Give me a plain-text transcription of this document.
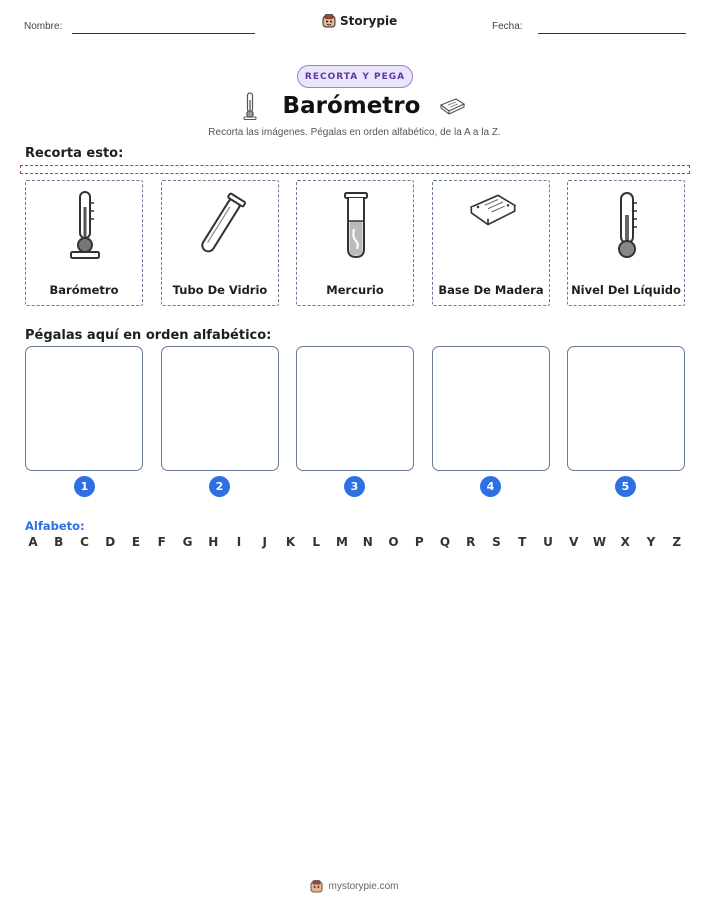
Nombre:	Storypie	Fecha:
RECORTA Y PEGA
Barómetro
Recorta las imágenes. Pégalas en orden alfabético, de la A a la Z.
Recorta esto:
Barómetro	Tubo De Vidrio	Mercurio	Base De Madera	Nivel Del Líquido
Pégalas aquí en orden alfabético:
1	2	3	4	5
Alfabeto:
A B C D E F G H	I	J	K L M N O P Q R S T U V W X Y Z
mystorypie.com
